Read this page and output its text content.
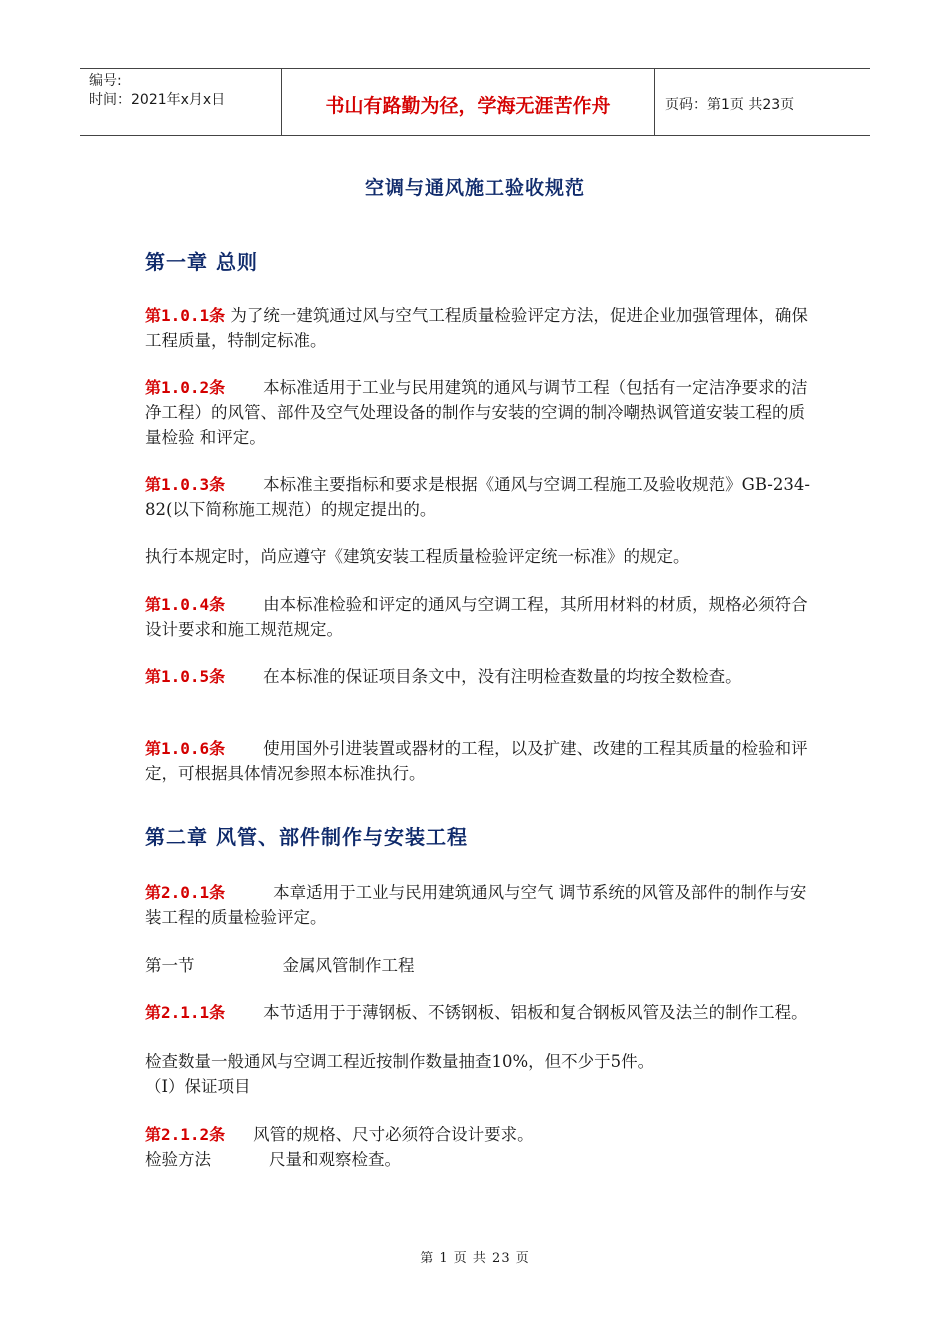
编号:
时间：2021年x月x日	书山有路勤为径，学海无涯苦作舟	页码：第1页 共23页
空调与通风施工验收规范
第一章 总则
第1.0.1条 为了统一建筑通过风与空气工程质量检验评定方法，促进企业加强管理体，确保工程质量，特制定标准。
第1.0.2条 本标准适用于工业与民用建筑的通风与调节工程（包括有一定洁净要求的洁净工程）的风管、部件及空气处理设备的制作与安装的空调的制冷嘲热讽管道安装工程的质量检验 和评定。
第1.0.3条 本标准主要指标和要求是根据《通风与空调工程施工及验收规范》GB-234-82(以下简称施工规范）的规定提出的。
执行本规定时，尚应遵守《建筑安装工程质量检验评定统一标准》的规定。
第1.0.4条 由本标准检验和评定的通风与空调工程，其所用材料的材质，规格必须符合设计要求和施工规范规定。
第1.0.5条 在本标准的保证项目条文中，没有注明检查数量的均按全数检查。
第1.0.6条 使用国外引进装置或器材的工程，以及扩建、改建的工程其质量的检验和评定，可根据具体情况参照本标准执行。
第二章 风管、部件制作与安装工程
第2.0.1条	本章适用于工业与民用建筑通风与空气 调节系统的风管及部件的制作与安装工程的质量检验评定。
第一节	金属风管制作工程
第2.1.1条 本节适用于于薄钢板、不锈钢板、铝板和复合钢板风管及法兰的制作工程。
检查数量一般通风与空调工程近按制作数量抽查10%，但不少于5件。
（I）保证项目
第2.1.2条 风管的规格、尺寸必须符合设计要求。
检验方法	尺量和观察检查。
第 1 页 共 23 页
